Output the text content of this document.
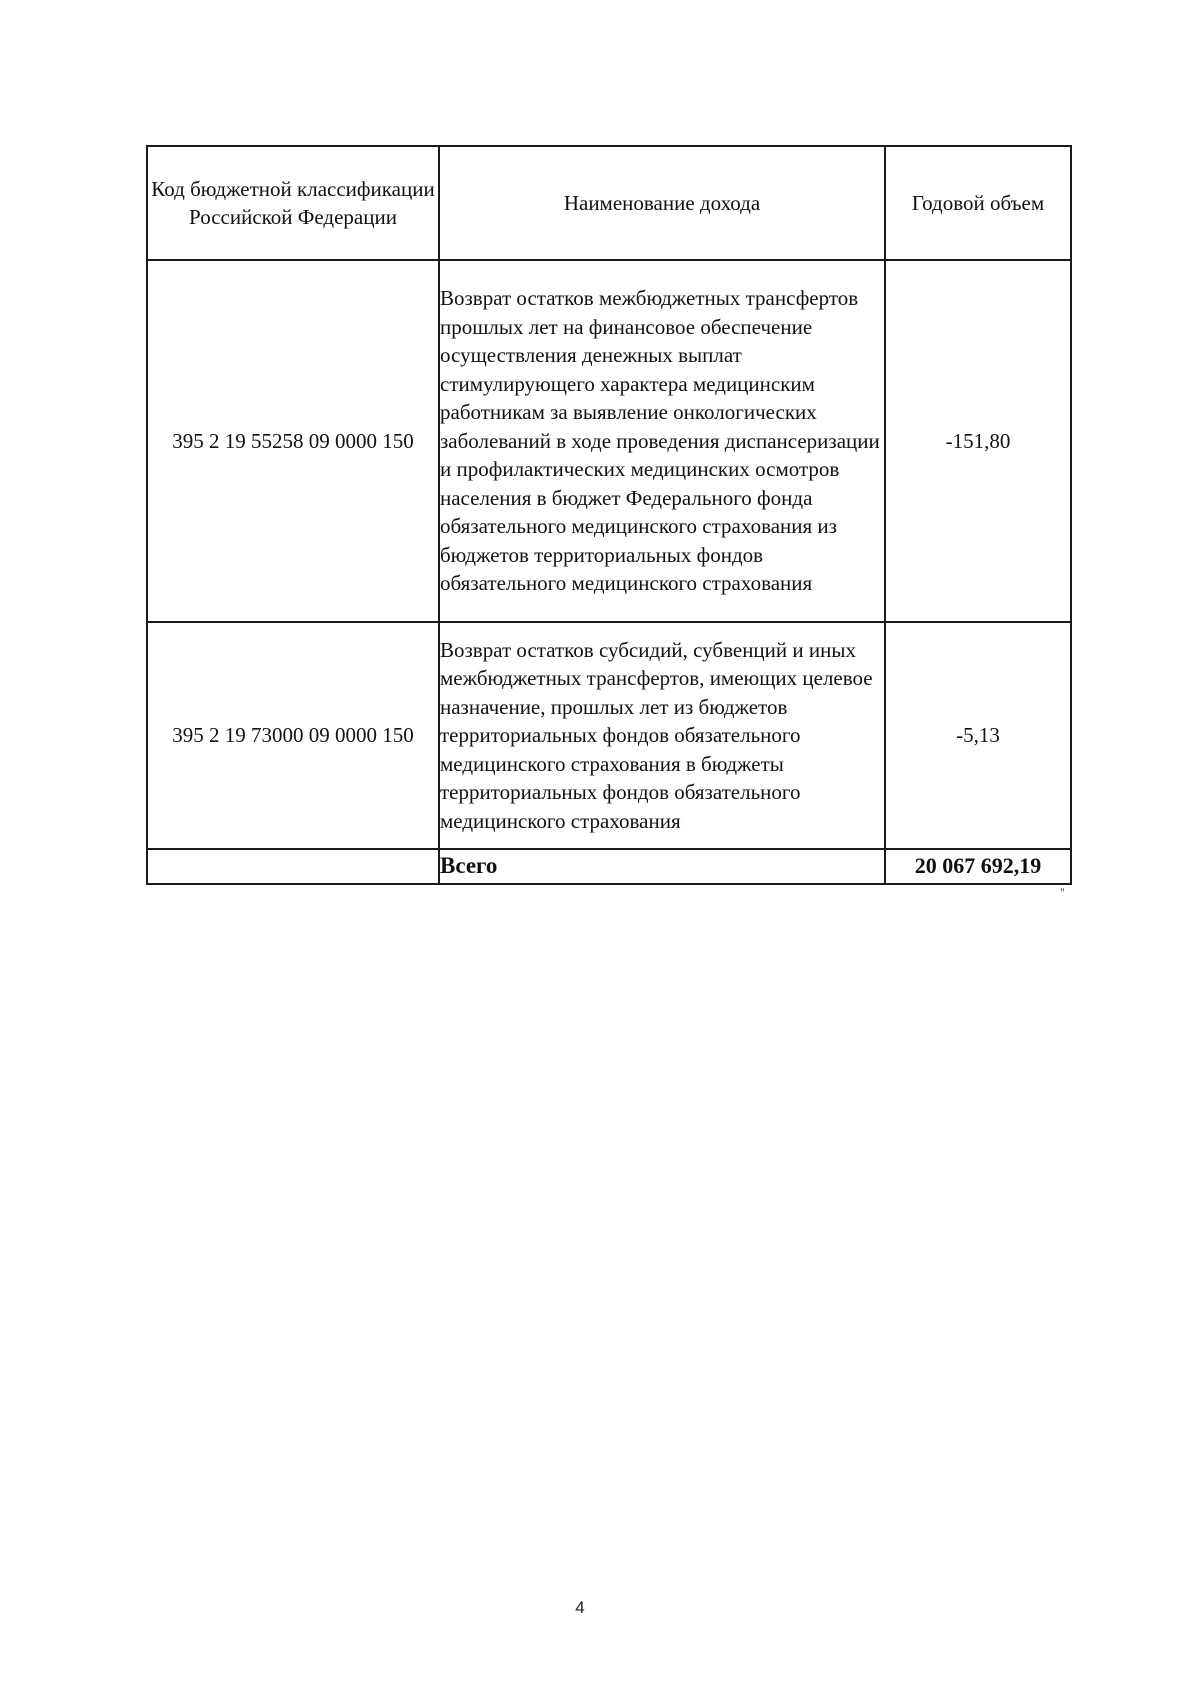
Код бюджетной классификации Российской Федерации	Наименование дохода	Годовой объем
395 2 19 55258 09 0000 150	Возврат остатков межбюджетных трансфертов прошлых лет на финансовое обеспечение осуществления денежных выплат стимулирующего характера медицинским работникам за выявление онкологических заболеваний в ходе проведения диспансеризации и профилактических медицинских осмотров населения в бюджет Федерального фонда обязательного медицинского страхования из бюджетов территориальных фондов обязательного медицинского страхования	-151,80
395 2 19 73000 09 0000 150	Возврат остатков субсидий, субвенций и иных межбюджетных трансфертов, имеющих целевое назначение, прошлых лет из бюджетов территориальных фондов обязательного медицинского страхования в бюджеты территориальных фондов обязательного медицинского страхования	-5,13
	Всего	20 067 692,19
"
4
